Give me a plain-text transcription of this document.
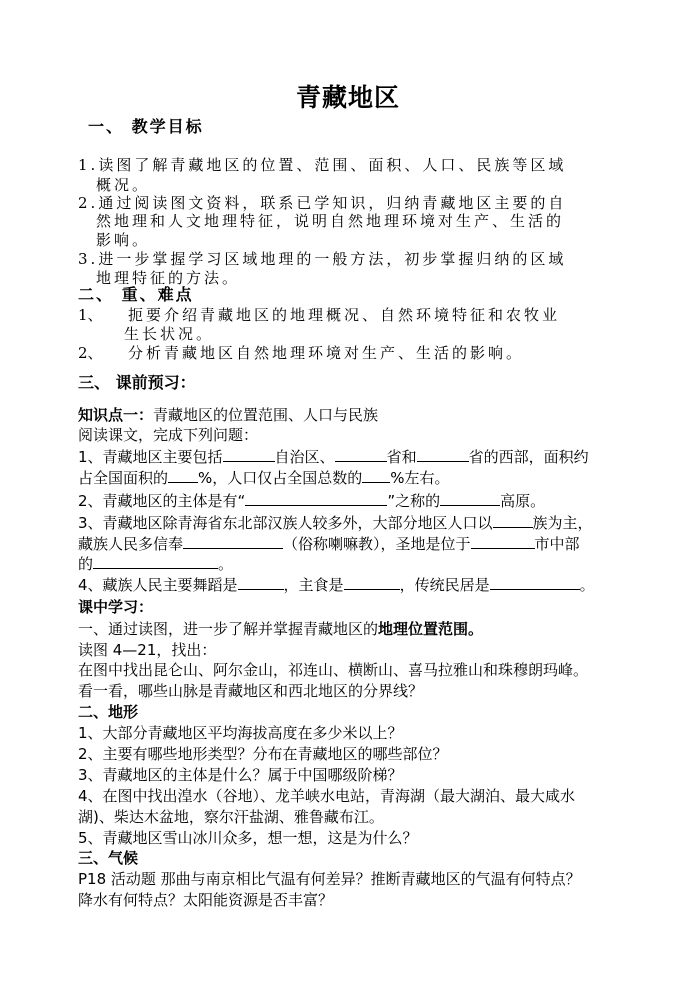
青藏地区
一、 教学目标
1.读图了解青藏地区的位置、范围、面积、人口、民族等区域
概况。
2.通过阅读图文资料，联系已学知识，归纳青藏地区主要的自
然地理和人文地理特征，说明自然地理环境对生产、生活的
影响。
3.进一步掌握学习区域地理的一般方法，初步掌握归纳的区域
地理特征的方法。
二、 重、难点
1、 扼要介绍青藏地区的地理概况、自然环境特征和农牧业
生长状况。
2、 分析青藏地区自然地理环境对生产、生活的影响。
三、 课前预习：
知识点一：青藏地区的位置范围、人口与民族
阅读课文，完成下列问题：
1、青藏地区主要包括	自治区、	省和	省的西部，面积约
占全国面积的 %，人口仅占全国总数的 %左右。
2、青藏地区的主体是有“	”之称的	高原。
3、青藏地区除青海省东北部汉族人较多外，大部分地区人口以	族为主，
藏族人民多信奉	（俗称喇嘛教），圣地是位于	市中部
的	。
4、藏族人民主要舞蹈是	，主食是	，传统民居是	。
课中学习：
一、通过读图，进一步了解并掌握青藏地区的地理位置范围。
读图 4—21，找出：
在图中找出昆仑山、阿尔金山，祁连山、横断山、喜马拉雅山和珠穆朗玛峰。
看一看，哪些山脉是青藏地区和西北地区的分界线？
二、地形
1、大部分青藏地区平均海拔高度在多少米以上？
2、主要有哪些地形类型？分布在青藏地区的哪些部位？
3、青藏地区的主体是什么？属于中国哪级阶梯？
4、在图中找出湟水（谷地）、龙羊峡水电站，青海湖（最大湖泊、最大咸水
湖)、柴达木盆地，察尔汗盐湖、雅鲁藏布江。
5、青藏地区雪山冰川众多，想一想，这是为什么？
三、气候
P18 活动题 那曲与南京相比气温有何差异？推断青藏地区的气温有何特点？
降水有何特点？太阳能资源是否丰富？
